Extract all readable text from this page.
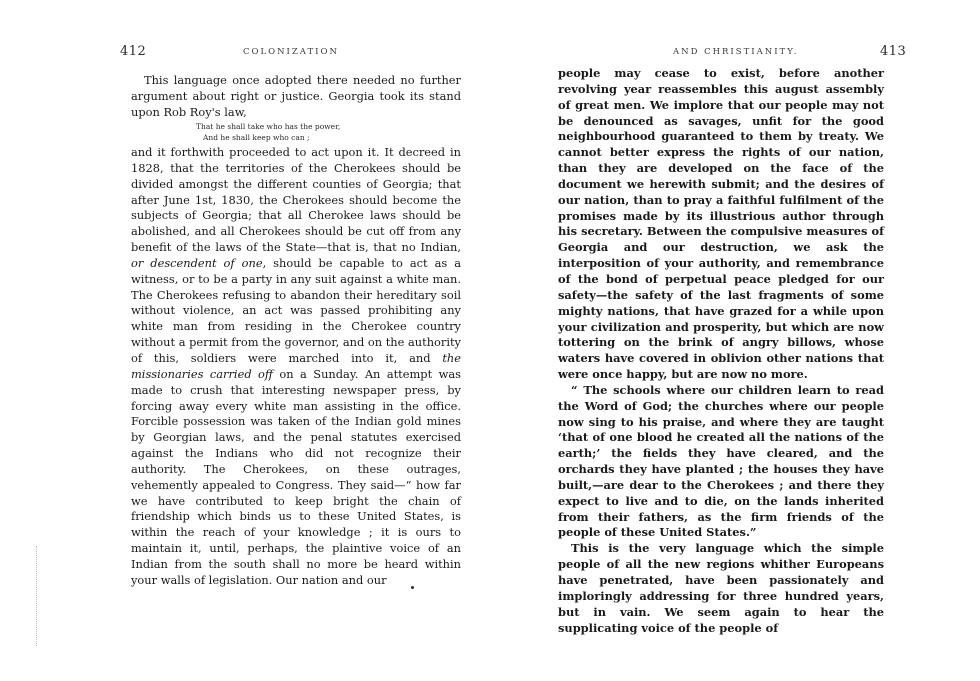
412	COLONIZATION

This language once adopted there needed no further argument about right or justice. Georgia took its stand upon Rob Roy's law,

That he shall take who has the power,
And he shall keep who can ;

and it forthwith proceeded to act upon it. It decreed in 1828, that the territories of the Cherokees should be divided amongst the different counties of Georgia; that after June 1st, 1830, the Cherokees should become the subjects of Georgia; that all Cherokee laws should be abolished, and all Cherokees should be cut off from any benefit of the laws of the State—that is, that no Indian, or descendent of one, should be capable to act as a witness, or to be a party in any suit against a white man. The Cherokees refusing to abandon their hereditary soil without violence, an act was passed prohibiting any white man from residing in the Cherokee country without a permit from the governor, and on the authority of this, soldiers were marched into it, and the missionaries carried off on a Sunday. An attempt was made to crush that interesting newspaper press, by forcing away every white man assisting in the office. Forcible possession was taken of the Indian gold mines by Georgian laws, and the penal statutes exercised against the Indians who did not recognize their authority. The Cherokees, on these outrages, vehemently appealed to Congress. They said—“ how far we have contributed to keep bright the chain of friendship which binds us to these United States, is within the reach of your knowledge ; it is ours to maintain it, until, perhaps, the plaintive voice of an Indian from the south shall no more be heard within your walls of legislation. Our nation and our

AND CHRISTIANITY.	413

people may cease to exist, before another revolving year reassembles this august assembly of great men. We implore that our people may not be denounced as savages, unfit for the good neighbourhood guaranteed to them by treaty. We cannot better express the rights of our nation, than they are developed on the face of the document we herewith submit; and the desires of our nation, than to pray a faithful fulfilment of the promises made by its illustrious author through his secretary. Between the compulsive measures of Georgia and our destruction, we ask the interposition of your authority, and remembrance of the bond of perpetual peace pledged for our safety—the safety of the last fragments of some mighty nations, that have grazed for a while upon your civilization and prosperity, but which are now tottering on the brink of angry billows, whose waters have covered in oblivion other nations that were once happy, but are now no more.

“ The schools where our children learn to read the Word of God; the churches where our people now sing to his praise, and where they are taught ‘that of one blood he created all the nations of the earth;’ the fields they have cleared, and the orchards they have planted ; the houses they have built,—are dear to the Cherokees ; and there they expect to live and to die, on the lands inherited from their fathers, as the firm friends of the people of these United States.”

This is the very language which the simple people of all the new regions whither Europeans have penetrated, have been passionately and imploringly addressing for three hundred years, but in vain. We seem again to hear the supplicating voice of the people of
